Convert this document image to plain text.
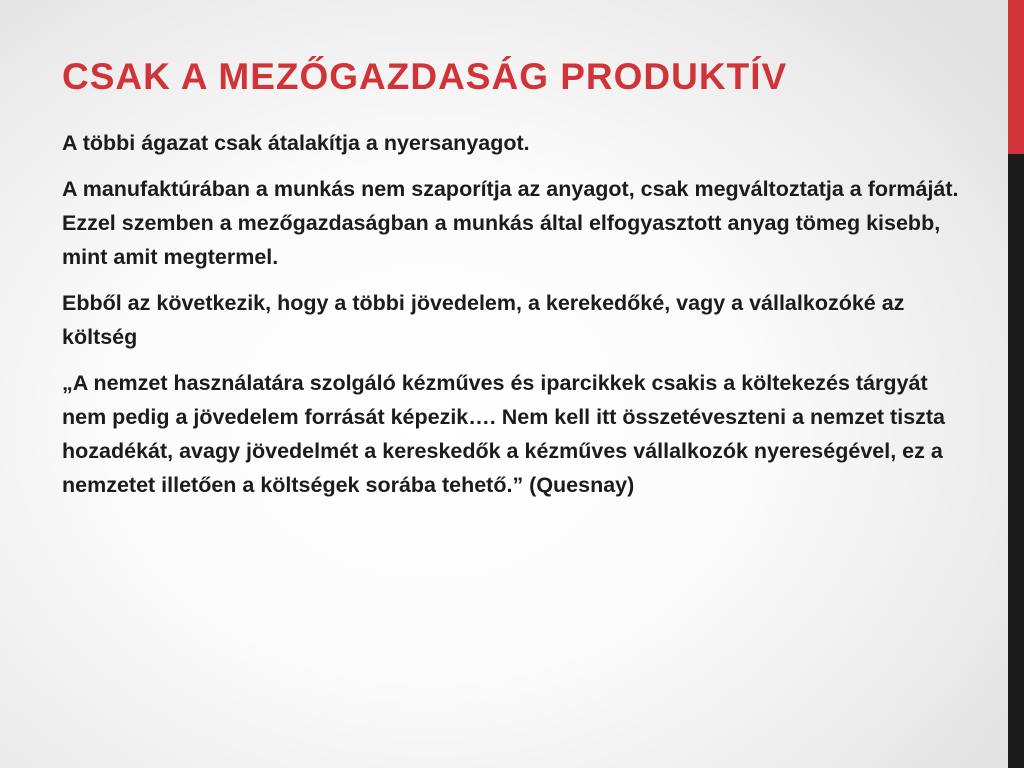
CSAK A MEZŐGAZDASÁG PRODUKTÍV

A többi ágazat csak átalakítja a nyersanyagot.

A manufaktúrában a munkás nem szaporítja az anyagot, csak megváltoztatja a formáját. Ezzel szemben a mezőgazdaságban a munkás által elfogyasztott anyag tömeg kisebb, mint amit megtermel.

Ebből az következik, hogy a többi jövedelem, a kerekedőké, vagy a vállalkozóké az költség

„A nemzet használatára szolgáló kézműves és iparcikkek csakis a költekezés tárgyát nem pedig a jövedelem forrását képezik…. Nem kell itt összetéveszteni a nemzet tiszta hozadékát, avagy jövedelmét a kereskedők a kézműves vállalkozók nyereségével, ez a nemzetet illetően a költségek sorába tehető.” (Quesnay)
